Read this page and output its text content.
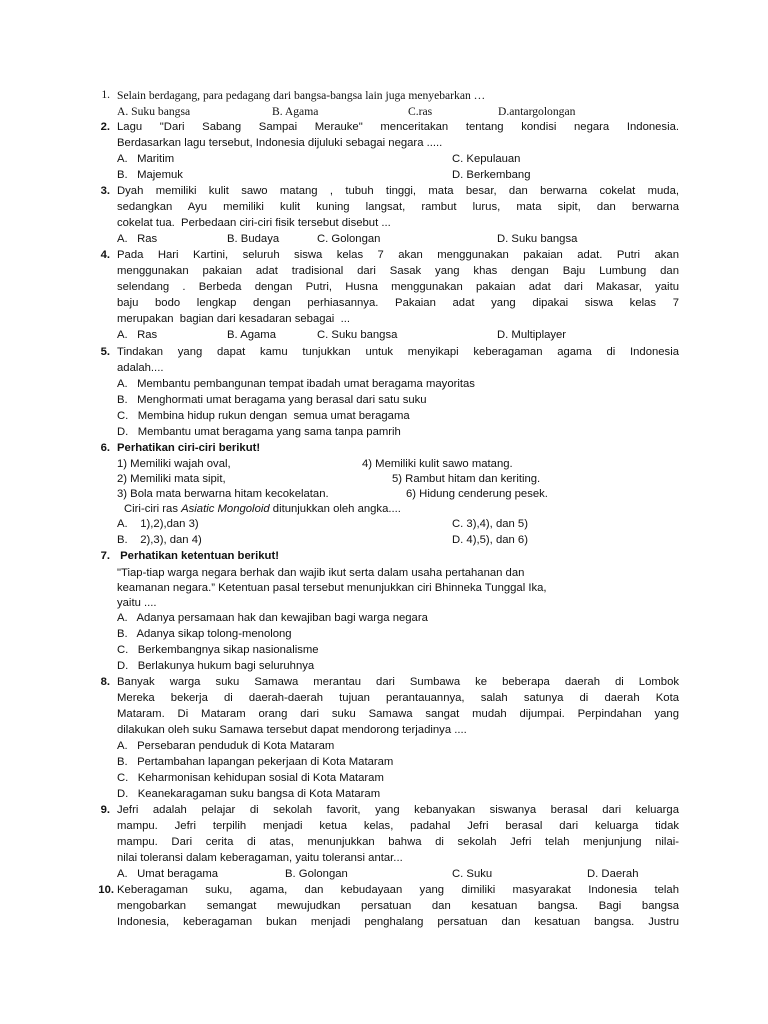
1. Selain berdagang, para pedagang dari bangsa-bangsa lain juga menyebarkan …
A. Suku bangsa	B. Agama	C.ras	D.antargolongan
2. Lagu "Dari Sabang Sampai Merauke" menceritakan tentang kondisi negara Indonesia.
Berdasarkan lagu tersebut, Indonesia dijuluki sebagai negara .....
A.   Maritim	C. Kepulauan
B.   Majemuk	D. Berkembang
3. Dyah memiliki kulit sawo matang , tubuh tinggi, mata besar, dan berwarna cokelat muda,
sedangkan Ayu memiliki kulit kuning langsat, rambut lurus, mata sipit, dan berwarna
cokelat tua.  Perbedaan ciri-ciri fisik tersebut disebut ...
A.   Ras	B. Budaya	C. Golongan	D. Suku bangsa
4. Pada Hari Kartini, seluruh siswa kelas 7 akan menggunakan pakaian adat. Putri akan
menggunakan pakaian adat tradisional dari Sasak yang khas dengan Baju Lumbung dan
selendang . Berbeda dengan Putri, Husna menggunakan pakaian adat dari Makasar, yaitu
baju bodo lengkap dengan perhiasannya. Pakaian adat yang dipakai siswa kelas 7
merupakan  bagian dari kesadaran sebagai  ...
A.   Ras	B. Agama	C. Suku bangsa	D. Multiplayer
5. Tindakan yang dapat kamu tunjukkan untuk menyikapi keberagaman agama di Indonesia
adalah....
A.   Membantu pembangunan tempat ibadah umat beragama mayoritas
B.   Menghormati umat beragama yang berasal dari satu suku
C.   Membina hidup rukun dengan  semua umat beragama
D.   Membantu umat beragama yang sama tanpa pamrih
6. Perhatikan ciri-ciri berikut!
1) Memiliki wajah oval,	4) Memiliki kulit sawo matang.
2) Memiliki mata sipit,	5) Rambut hitam dan keriting.
3) Bola mata berwarna hitam kecokelatan.	6) Hidung cenderung pesek.
Ciri-ciri ras Asiatic Mongoloid ditunjukkan oleh angka....
A.    1),2),dan 3)	C. 3),4), dan 5)
B.    2),3), dan 4)	D. 4),5), dan 6)
7. Perhatikan ketentuan berikut!
"Tiap-tiap warga negara berhak dan wajib ikut serta dalam usaha pertahanan dan
keamanan negara.” Ketentuan pasal tersebut menunjukkan ciri Bhinneka Tunggal Ika,
yaitu ....
A.   Adanya persamaan hak dan kewajiban bagi warga negara
B.   Adanya sikap tolong-menolong
C.   Berkembangnya sikap nasionalisme
D.   Berlakunya hukum bagi seluruhnya
8. Banyak warga suku Samawa merantau dari Sumbawa ke beberapa daerah di Lombok
Mereka bekerja di daerah-daerah tujuan perantauannya, salah satunya di daerah Kota
Mataram. Di Mataram orang dari suku Samawa sangat mudah dijumpai. Perpindahan yang
dilakukan oleh suku Samawa tersebut dapat mendorong terjadinya ....
A.   Persebaran penduduk di Kota Mataram
B.   Pertambahan lapangan pekerjaan di Kota Mataram
C.   Keharmonisan kehidupan sosial di Kota Mataram
D.   Keanekaragaman suku bangsa di Kota Mataram
9. Jefri adalah pelajar di sekolah favorit, yang kebanyakan siswanya berasal dari keluarga
mampu. Jefri terpilih menjadi ketua kelas, padahal Jefri berasal dari keluarga tidak
mampu. Dari cerita di atas, menunjukkan bahwa di sekolah Jefri telah menjunjung nilai-
nilai toleransi dalam keberagaman, yaitu toleransi antar...
A.   Umat beragama	B. Golongan	C. Suku	D. Daerah
10. Keberagaman suku, agama, dan kebudayaan yang dimiliki masyarakat Indonesia telah
mengobarkan semangat mewujudkan persatuan dan kesatuan bangsa. Bagi bangsa
Indonesia, keberagaman bukan menjadi penghalang persatuan dan kesatuan bangsa. Justru
